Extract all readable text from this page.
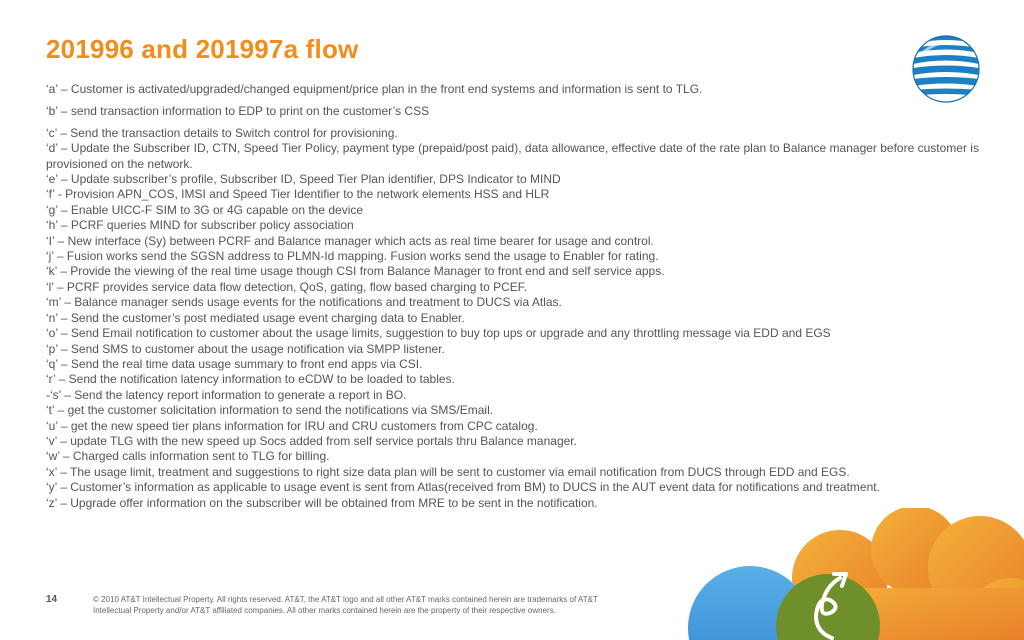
201996 and 201997a flow

‘a’ – Customer is activated/upgraded/changed equipment/price plan in the front end systems and information is sent to TLG.

‘b’ – send transaction information to EDP to print on the customer’s CSS

‘c’ – Send the transaction details to Switch control for provisioning.

‘d’ – Update the Subscriber ID, CTN, Speed Tier Policy, payment type (prepaid/post paid), data allowance, effective date of the rate plan to Balance manager before customer is provisioned on the network.

‘e’ – Update subscriber’s profile, Subscriber ID, Speed Tier Plan identifier, DPS Indicator to MIND

‘f’ - Provision APN_COS, IMSI and Speed Tier Identifier to the network elements HSS and HLR

‘g’ – Enable UICC-F SIM to 3G or 4G capable on the device

‘h’ – PCRF queries MIND for subscriber policy association

‘I’ – New interface (Sy) between PCRF and Balance manager which acts as real time bearer for usage and control.

‘j’ – Fusion works send the SGSN address to PLMN-Id mapping. Fusion works send the usage to Enabler for rating.

‘k’ – Provide the viewing of the real time usage though CSI from Balance Manager to front end and self service apps.

‘l’ – PCRF provides service data flow detection, QoS, gating, flow based charging to PCEF.

‘m’ – Balance manager sends usage events for the notifications and treatment to DUCS via Atlas.

‘n’ – Send the customer’s post mediated usage event charging data to Enabler.

‘o’ – Send Email notification to customer about the usage limits, suggestion to buy top ups or upgrade and any throttling message via EDD and EGS

‘p’ – Send SMS to customer about the usage notification via SMPP listener.

‘q’ – Send the real time data usage summary to front end apps via CSI.

‘r’ – Send the notification latency information to eCDW to be loaded to tables.

-‘s’ – Send the latency report information to generate a report in BO.

‘t’ – get the customer solicitation information to send the notifications via SMS/Email.

‘u’ – get the new speed tier plans information for IRU and CRU customers from CPC catalog.

‘v’ – update TLG with the new speed up Socs added from self service portals thru Balance manager.

‘w’ – Charged calls information sent to TLG for billing.

‘x’ – The usage limit, treatment and suggestions to right size data plan will be sent to customer via email notification from DUCS through EDD and EGS.

‘y’ – Customer’s information as applicable to usage event is sent from Atlas(received from BM) to DUCS in the AUT event data for notifications and treatment.

‘z’ – Upgrade offer information on the subscriber will be obtained from MRE to be sent in the notification.

14	© 2010 AT&T Intellectual Property. All rights reserved. AT&T, the AT&T logo and all other AT&T marks contained herein are trademarks of AT&T Intellectual Property and/or AT&T affiliated companies. All other marks contained herein are the property of their respective owners.
